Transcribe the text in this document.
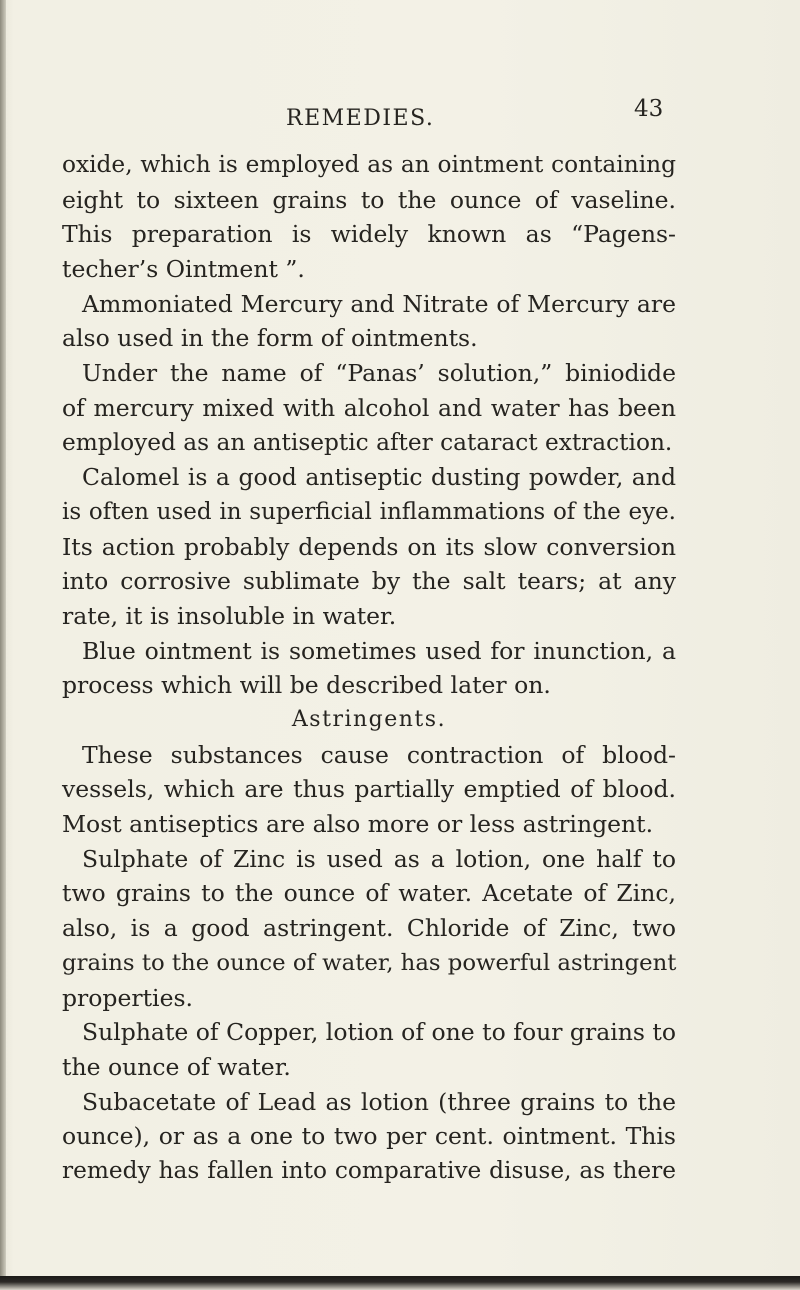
REMEDIES.	43
oxide, which is employed as an ointment containing
eight to sixteen grains to the ounce of vaseline.
This preparation is widely known as “Pagens-
techer’s Ointment ”.
Ammoniated Mercury and Nitrate of Mercury are
also used in the form of ointments.
Under the name of “Panas’ solution,” biniodide
of mercury mixed with alcohol and water has been
employed as an antiseptic after cataract extraction.
Calomel is a good antiseptic dusting powder, and
is often used in superficial inflammations of the eye.
Its action probably depends on its slow conversion
into corrosive sublimate by the salt tears; at any
rate, it is insoluble in water.
Blue ointment is sometimes used for inunction, a
process which will be described later on.
Astringents.
These substances cause contraction of blood-
vessels, which are thus partially emptied of blood.
Most antiseptics are also more or less astringent.
Sulphate of Zinc is used as a lotion, one half to
two grains to the ounce of water. Acetate of Zinc,
also, is a good astringent. Chloride of Zinc, two
grains to the ounce of water, has powerful astringent
properties.
Sulphate of Copper, lotion of one to four grains to
the ounce of water.
Subacetate of Lead as lotion (three grains to the
ounce), or as a one to two per cent. ointment. This
remedy has fallen into comparative disuse, as there
